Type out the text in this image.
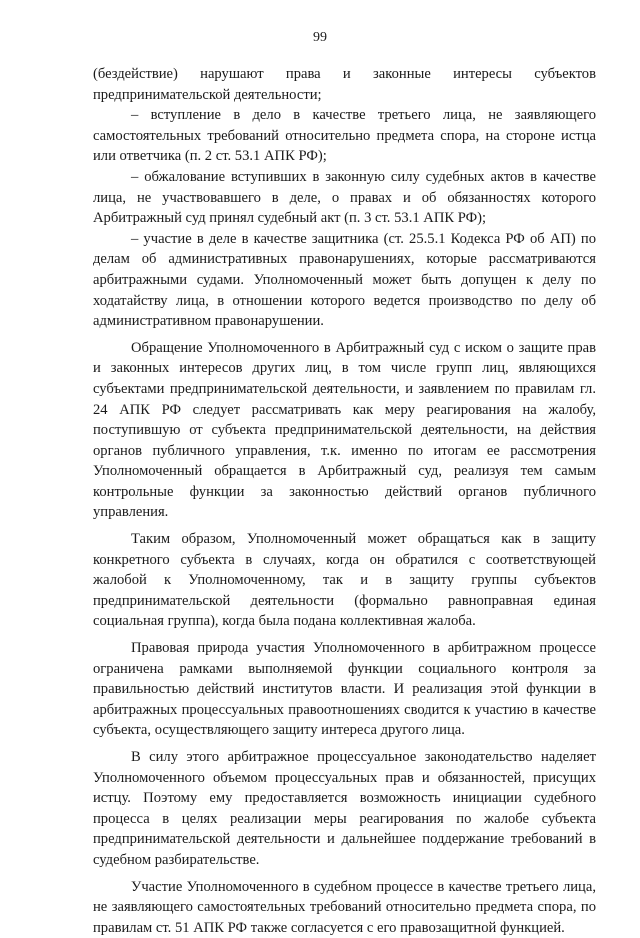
99

(бездействие) нарушают права и законные интересы субъектов предпринимательской деятельности;

– вступление в дело в качестве третьего лица, не заявляющего самостоятельных требований относительно предмета спора, на стороне истца или ответчика (п. 2 ст. 53.1 АПК РФ);

– обжалование вступивших в законную силу судебных актов в качестве лица, не участвовавшего в деле, о правах и об обязанностях которого Арбитражный суд принял судебный акт (п. 3 ст. 53.1 АПК РФ);

– участие в деле в качестве защитника (ст. 25.5.1 Кодекса РФ об АП) по делам об административных правонарушениях, которые рассматриваются арбитражными судами. Уполномоченный может быть допущен к делу по ходатайству лица, в отношении которого ведется производство по делу об административном правонарушении.

Обращение Уполномоченного в Арбитражный суд с иском о защите прав и законных интересов других лиц, в том числе групп лиц, являющихся субъектами предпринимательской деятельности, и заявлением по правилам гл. 24 АПК РФ следует рассматривать как меру реагирования на жалобу, поступившую от субъекта предпринимательской деятельности, на действия органов публичного управления, т.к. именно по итогам ее рассмотрения Уполномоченный обращается в Арбитражный суд, реализуя тем самым контрольные функции за законностью действий органов публичного управления.

Таким образом, Уполномоченный может обращаться как в защиту конкретного субъекта в случаях, когда он обратился с соответствующей жалобой к Уполномоченному, так и в защиту группы субъектов предпринимательской деятельности (формально равноправная единая социальная группа), когда была подана коллективная жалоба.

Правовая природа участия Уполномоченного в арбитражном процессе ограничена рамками выполняемой функции социального контроля за правильностью действий институтов власти. И реализация этой функции в арбитражных процессуальных правоотношениях сводится к участию в качестве субъекта, осуществляющего защиту интереса другого лица.

В силу этого арбитражное процессуальное законодательство наделяет Уполномоченного объемом процессуальных прав и обязанностей, присущих истцу. Поэтому ему предоставляется возможность инициации судебного процесса в целях реализации меры реагирования по жалобе субъекта предпринимательской деятельности и дальнейшее поддержание требований в судебном разбирательстве.

Участие Уполномоченного в судебном процессе в качестве третьего лица, не заявляющего самостоятельных требований относительно предмета спора, по правилам ст. 51 АПК РФ также согласуется с его правозащитной функцией.
